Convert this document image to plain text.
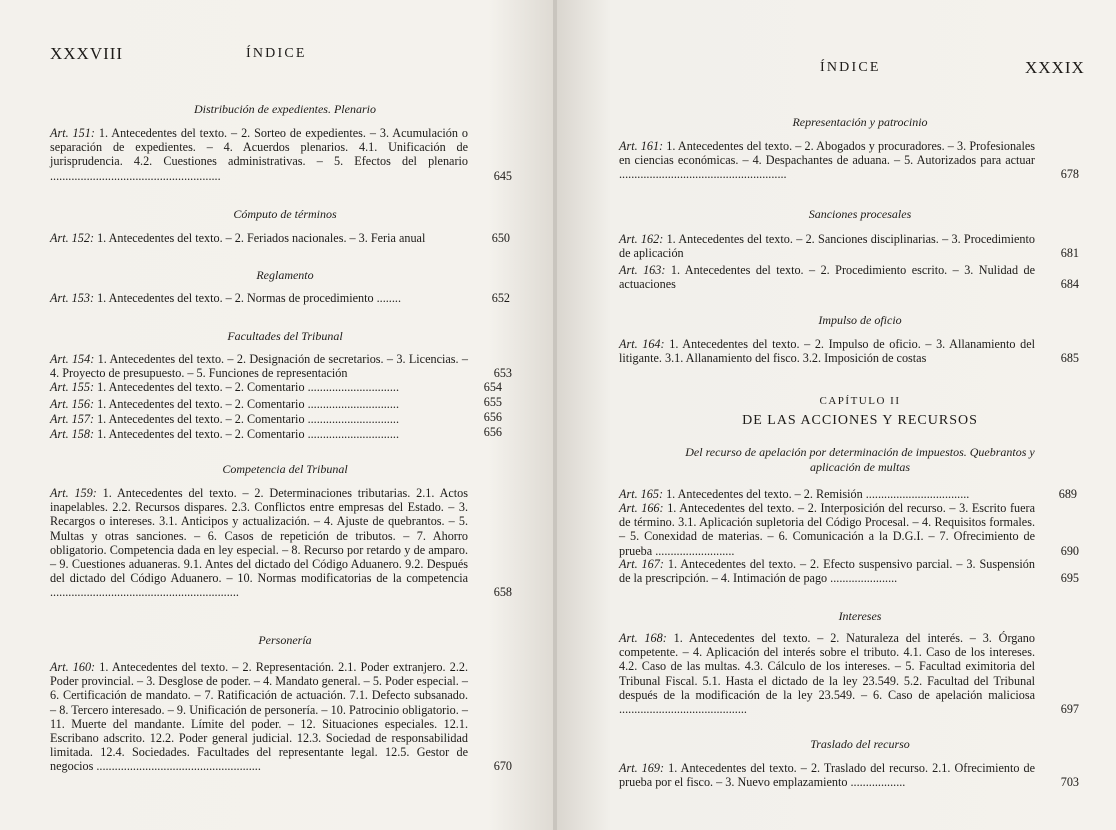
XXXVIII	ÍNDICE
Distribución de expedientes. Plenario
Art. 151: 1. Antecedentes del texto. – 2. Sorteo de expedientes. – 3. Acumulación o separación de expedientes. – 4. Acuerdos plenarios. 4.1. Unificación de jurisprudencia. 4.2. Cuestiones administrativas. – 5. Efectos del plenario ........................................................	645
Cómputo de términos
Art. 152: 1. Antecedentes del texto. – 2. Feriados nacionales. – 3. Feria anual	650
Reglamento
Art. 153: 1. Antecedentes del texto. – 2. Normas de procedimiento ........	652
Facultades del Tribunal
Art. 154: 1. Antecedentes del texto. – 2. Designación de secretarios. – 3. Licencias. – 4. Proyecto de presupuesto. – 5. Funciones de representación	653
Art. 155: 1. Antecedentes del texto. – 2. Comentario ..............................	654
Art. 156: 1. Antecedentes del texto. – 2. Comentario ..............................	655
Art. 157: 1. Antecedentes del texto. – 2. Comentario ..............................	656
Art. 158: 1. Antecedentes del texto. – 2. Comentario ..............................	656
Competencia del Tribunal
Art. 159: 1. Antecedentes del texto. – 2. Determinaciones tributarias. 2.1. Actos inapelables. 2.2. Recursos dispares. 2.3. Conflictos entre empresas del Estado. – 3. Recargos o intereses. 3.1. Anticipos y actualización. – 4. Ajuste de quebrantos. – 5. Multas y otras sanciones. – 6. Casos de repetición de tributos. – 7. Ahorro obligatorio. Competencia dada en ley especial. – 8. Recurso por retardo y de amparo. – 9. Cuestiones aduaneras. 9.1. Antes del dictado del Código Aduanero. 9.2. Después del dictado del Código Aduanero. – 10. Normas modificatorias de la competencia ..............................................................	658
Personería
Art. 160: 1. Antecedentes del texto. – 2. Representación. 2.1. Poder extranjero. 2.2. Poder provincial. – 3. Desglose de poder. – 4. Mandato general. – 5. Poder especial. – 6. Certificación de mandato. – 7. Ratificación de actuación. 7.1. Defecto subsanado. – 8. Tercero interesado. – 9. Unificación de personería. – 10. Patrocinio obligatorio. – 11. Muerte del mandante. Límite del poder. – 12. Situaciones especiales. 12.1. Escribano adscrito. 12.2. Poder general judicial. 12.3. Sociedad de responsabilidad limitada. 12.4. Sociedades. Facultades del representante legal. 12.5. Gestor de negocios ......................................................	670
ÍNDICE	XXXIX
Representación y patrocinio
Art. 161: 1. Antecedentes del texto. – 2. Abogados y procuradores. – 3. Profesionales en ciencias económicas. – 4. Despachantes de aduana. – 5. Autorizados para actuar .......................................................	678
Sanciones procesales
Art. 162: 1. Antecedentes del texto. – 2. Sanciones disciplinarias. – 3. Procedimiento de aplicación	681
Art. 163: 1. Antecedentes del texto. – 2. Procedimiento escrito. – 3. Nulidad de actuaciones	684
Impulso de oficio
Art. 164: 1. Antecedentes del texto. – 2. Impulso de oficio. – 3. Allanamiento del litigante. 3.1. Allanamiento del fisco. 3.2. Imposición de costas	685
CAPÍTULO II
DE LAS ACCIONES Y RECURSOS
Del recurso de apelación por determinación de impuestos. Quebrantos y aplicación de multas
Art. 165: 1. Antecedentes del texto. – 2. Remisión ..................................	689
Art. 166: 1. Antecedentes del texto. – 2. Interposición del recurso. – 3. Escrito fuera de término. 3.1. Aplicación supletoria del Código Procesal. – 4. Requisitos formales. – 5. Conexidad de materias. – 6. Comunicación a la D.G.I. – 7. Ofrecimiento de prueba ..........................	690
Art. 167: 1. Antecedentes del texto. – 2. Efecto suspensivo parcial. – 3. Suspensión de la prescripción. – 4. Intimación de pago ......................	695
Intereses
Art. 168: 1. Antecedentes del texto. – 2. Naturaleza del interés. – 3. Órgano competente. – 4. Aplicación del interés sobre el tributo. 4.1. Caso de los intereses. 4.2. Caso de las multas. 4.3. Cálculo de los intereses. – 5. Facultad eximitoria del Tribunal Fiscal. 5.1. Hasta el dictado de la ley 23.549. 5.2. Facultad del Tribunal después de la modificación de la ley 23.549. – 6. Caso de apelación maliciosa ..........................................	697
Traslado del recurso
Art. 169: 1. Antecedentes del texto. – 2. Traslado del recurso. 2.1. Ofrecimiento de prueba por el fisco. – 3. Nuevo emplazamiento ..................	703
